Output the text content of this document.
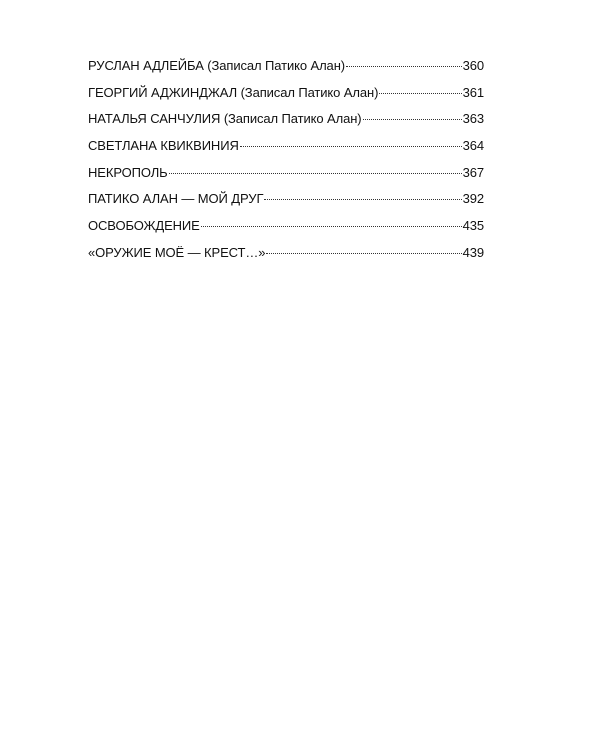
РУСЛАН АДЛЕЙБА (Записал Патико Алан)	360
ГЕОРГИЙ АДЖИНДЖАЛ (Записал Патико Алан)	361
НАТАЛЬЯ САНЧУЛИЯ (Записал Патико Алан)	363
СВЕТЛАНА КВИКВИНИЯ	364
НЕКРОПОЛЬ	367
ПАТИКО АЛАН — МОЙ ДРУГ	392
ОСВОБОЖДЕНИЕ	435
«ОРУЖИЕ МОЁ — КРЕСТ…»	439
